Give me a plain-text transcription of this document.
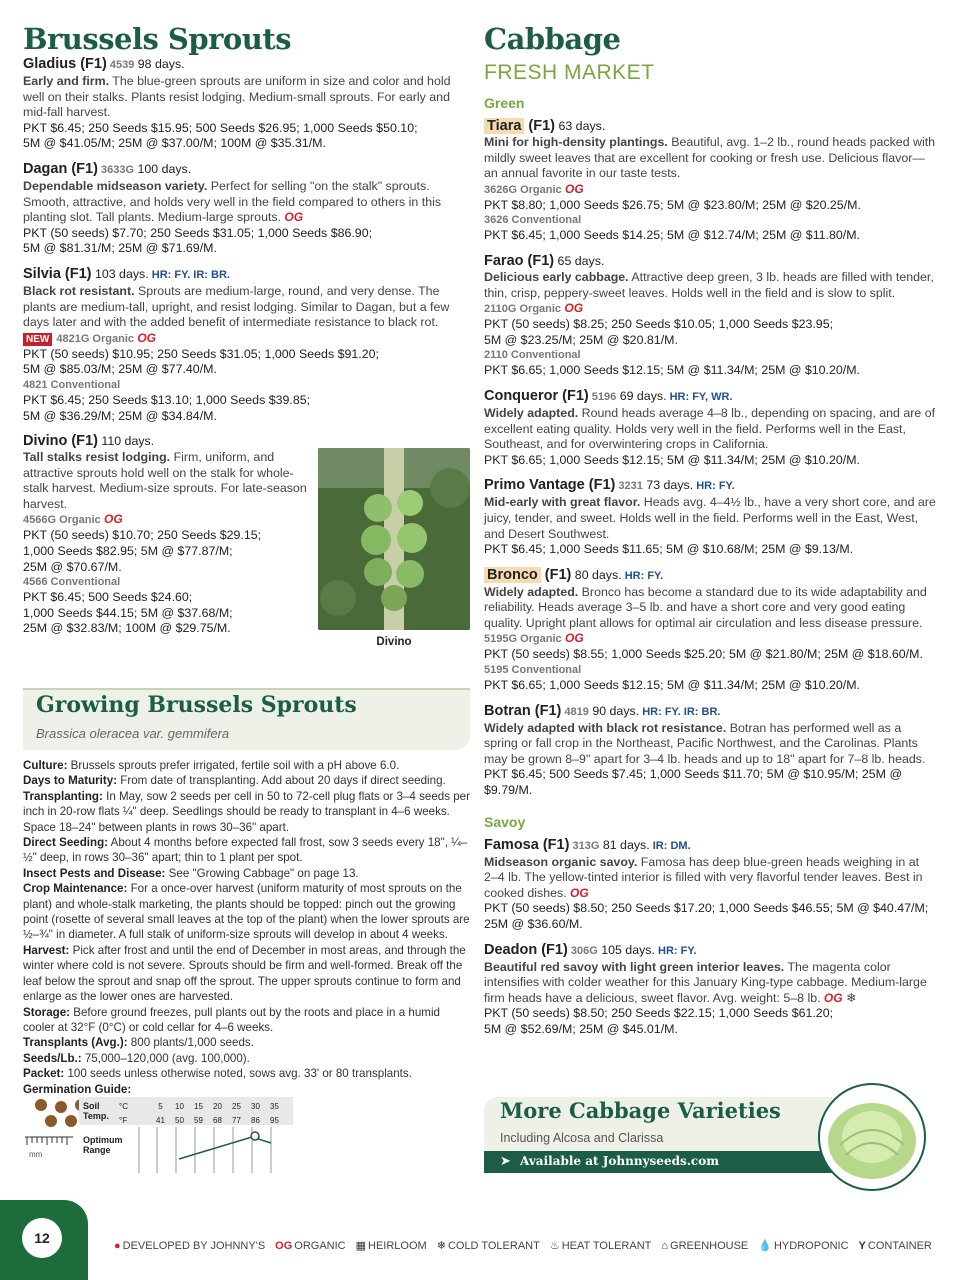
Brussels Sprouts
Gladius (F1) 4539 98 days.
Early and firm. The blue-green sprouts are uniform in size and color and hold well on their stalks. Plants resist lodging. Medium-small sprouts. For early and mid-fall harvest.
PKT $6.45; 250 Seeds $15.95; 500 Seeds $26.95; 1,000 Seeds $50.10;
5M @ $41.05/M; 25M @ $37.00/M; 100M @ $35.31/M.
Dagan (F1) 3633G 100 days.
Dependable midseason variety. Perfect for selling "on the stalk" sprouts. Smooth, attractive, and holds very well in the field compared to others in this planting slot. Tall plants. Medium-large sprouts. OG
PKT (50 seeds) $7.70; 250 Seeds $31.05; 1,000 Seeds $86.90;
5M @ $81.31/M; 25M @ $71.69/M.
Silvia (F1) 103 days. HR: FY. IR: BR.
Black rot resistant. Sprouts are medium-large, round, and very dense. The plants are medium-tall, upright, and resist lodging. Similar to Dagan, but a few days later and with the added benefit of intermediate resistance to black rot.
NEW 4821G Organic OG
PKT (50 seeds) $10.95; 250 Seeds $31.05; 1,000 Seeds $91.20;
5M @ $85.03/M; 25M @ $77.40/M.
4821 Conventional
PKT $6.45; 250 Seeds $13.10; 1,000 Seeds $39.85;
5M @ $36.29/M; 25M @ $34.84/M.
Divino (F1) 110 days.
Tall stalks resist lodging. Firm, uniform, and attractive sprouts hold well on the stalk for whole-stalk harvest. Medium-size sprouts. For late-season harvest.
4566G Organic OG
PKT (50 seeds) $10.70; 250 Seeds $29.15;
1,000 Seeds $82.95; 5M @ $77.87/M;
25M @ $70.67/M.
4566 Conventional
PKT $6.45; 500 Seeds $24.60;
1,000 Seeds $44.15; 5M @ $37.68/M;
25M @ $32.83/M; 100M @ $29.75/M.
Divino
Growing Brussels Sprouts
Brassica oleracea var. gemmifera
Culture: Brussels sprouts prefer irrigated, fertile soil with a pH above 6.0.
Days to Maturity: From date of transplanting. Add about 20 days if direct seeding.
Transplanting: In May, sow 2 seeds per cell in 50 to 72-cell plug flats or 3–4 seeds per inch in 20-row flats ¼" deep. Seedlings should be ready to transplant in 4–6 weeks. Space 18–24" between plants in rows 30–36" apart.
Direct Seeding: About 4 months before expected fall frost, sow 3 seeds every 18", ¼–½" deep, in rows 30–36" apart; thin to 1 plant per spot.
Insect Pests and Disease: See "Growing Cabbage" on page 13.
Crop Maintenance: For a once-over harvest (uniform maturity of most sprouts on the plant) and whole-stalk marketing, the plants should be topped: pinch out the growing point (rosette of several small leaves at the top of the plant) when the lower sprouts are ½–¾" in diameter. A full stalk of uniform-size sprouts will develop in about 4 weeks.
Harvest: Pick after frost and until the end of December in most areas, and through the winter where cold is not severe. Sprouts should be firm and well-formed. Break off the leaf below the sprout and snap off the sprout. The upper sprouts continue to form and enlarge as the lower ones are harvested.
Storage: Before ground freezes, pull plants out by the roots and place in a humid cooler at 32°F (0°C) or cold cellar for 4–6 weeks.
Transplants (Avg.): 800 plants/1,000 seeds.
Seeds/Lb.: 75,000–120,000 (avg. 100,000).
Packet: 100 seeds unless otherwise noted, sows avg. 33' or 80 transplants.
Germination Guide:
Soil Temp.
°C
°F
5 10 15 20 25 30 35
41 50 59 68 77 86 95
Optimum Range
mm
Cabbage
FRESH MARKET
Green
Tiara (F1) 63 days.
Mini for high-density plantings. Beautiful, avg. 1–2 lb., round heads packed with mildly sweet leaves that are excellent for cooking or fresh use. Delicious flavor—an annual favorite in our taste tests.
3626G Organic OG
PKT $8.80; 1,000 Seeds $26.75; 5M @ $23.80/M; 25M @ $20.25/M.
3626 Conventional
PKT $6.45; 1,000 Seeds $14.25; 5M @ $12.74/M; 25M @ $11.80/M.
Farao (F1) 65 days.
Delicious early cabbage. Attractive deep green, 3 lb. heads are filled with tender, thin, crisp, peppery-sweet leaves. Holds well in the field and is slow to split.
2110G Organic OG
PKT (50 seeds) $8.25; 250 Seeds $10.05; 1,000 Seeds $23.95;
5M @ $23.25/M; 25M @ $20.81/M.
2110 Conventional
PKT $6.65; 1,000 Seeds $12.15; 5M @ $11.34/M; 25M @ $10.20/M.
Conqueror (F1) 5196 69 days. HR: FY, WR.
Widely adapted. Round heads average 4–8 lb., depending on spacing, and are of excellent eating quality. Holds very well in the field. Performs well in the East, Southeast, and for overwintering crops in California.
PKT $6.65; 1,000 Seeds $12.15; 5M @ $11.34/M; 25M @ $10.20/M.
Primo Vantage (F1) 3231 73 days. HR: FY.
Mid-early with great flavor. Heads avg. 4–4½ lb., have a very short core, and are juicy, tender, and sweet. Holds well in the field. Performs well in the East, West, and Desert Southwest.
PKT $6.45; 1,000 Seeds $11.65; 5M @ $10.68/M; 25M @ $9.13/M.
Bronco (F1) 80 days. HR: FY.
Widely adapted. Bronco has become a standard due to its wide adaptability and reliability. Heads average 3–5 lb. and have a short core and very good eating quality. Upright plant allows for optimal air circulation and less disease pressure.
5195G Organic OG
PKT (50 seeds) $8.55; 1,000 Seeds $25.20; 5M @ $21.80/M; 25M @ $18.60/M.
5195 Conventional
PKT $6.65; 1,000 Seeds $12.15; 5M @ $11.34/M; 25M @ $10.20/M.
Botran (F1) 4819 90 days. HR: FY. IR: BR.
Widely adapted with black rot resistance. Botran has performed well as a spring or fall crop in the Northeast, Pacific Northwest, and the Carolinas. Plants may be grown 8–9" apart for 3–4 lb. heads and up to 18" apart for 7–8 lb. heads.
PKT $6.45; 500 Seeds $7.45; 1,000 Seeds $11.70; 5M @ $10.95/M; 25M @ $9.79/M.
Savoy
Famosa (F1) 313G 81 days. IR: DM.
Midseason organic savoy. Famosa has deep blue-green heads weighing in at 2–4 lb. The yellow-tinted interior is filled with very flavorful tender leaves. Best in cooked dishes. OG
PKT (50 seeds) $8.50; 250 Seeds $17.20; 1,000 Seeds $46.55; 5M @ $40.47/M;
25M @ $36.60/M.
Deadon (F1) 306G 105 days. HR: FY.
Beautiful red savoy with light green interior leaves. The magenta color intensifies with colder weather for this January King-type cabbage. Medium-large firm heads have a delicious, sweet flavor. Avg. weight: 5–8 lb. OG ❄
PKT (50 seeds) $8.50; 250 Seeds $22.15; 1,000 Seeds $61.20;
5M @ $52.69/M; 25M @ $45.01/M.
More Cabbage Varieties
Including Alcosa and Clarissa
➤ Available at Johnnyseeds.com
12	● DEVELOPED BY JOHNNY'S OG ORGANIC ▦ HEIRLOOM ❄ COLD TOLERANT ♨ HEAT TOLERANT ⌂ GREENHOUSE 💧 HYDROPONIC Y CONTAINER
